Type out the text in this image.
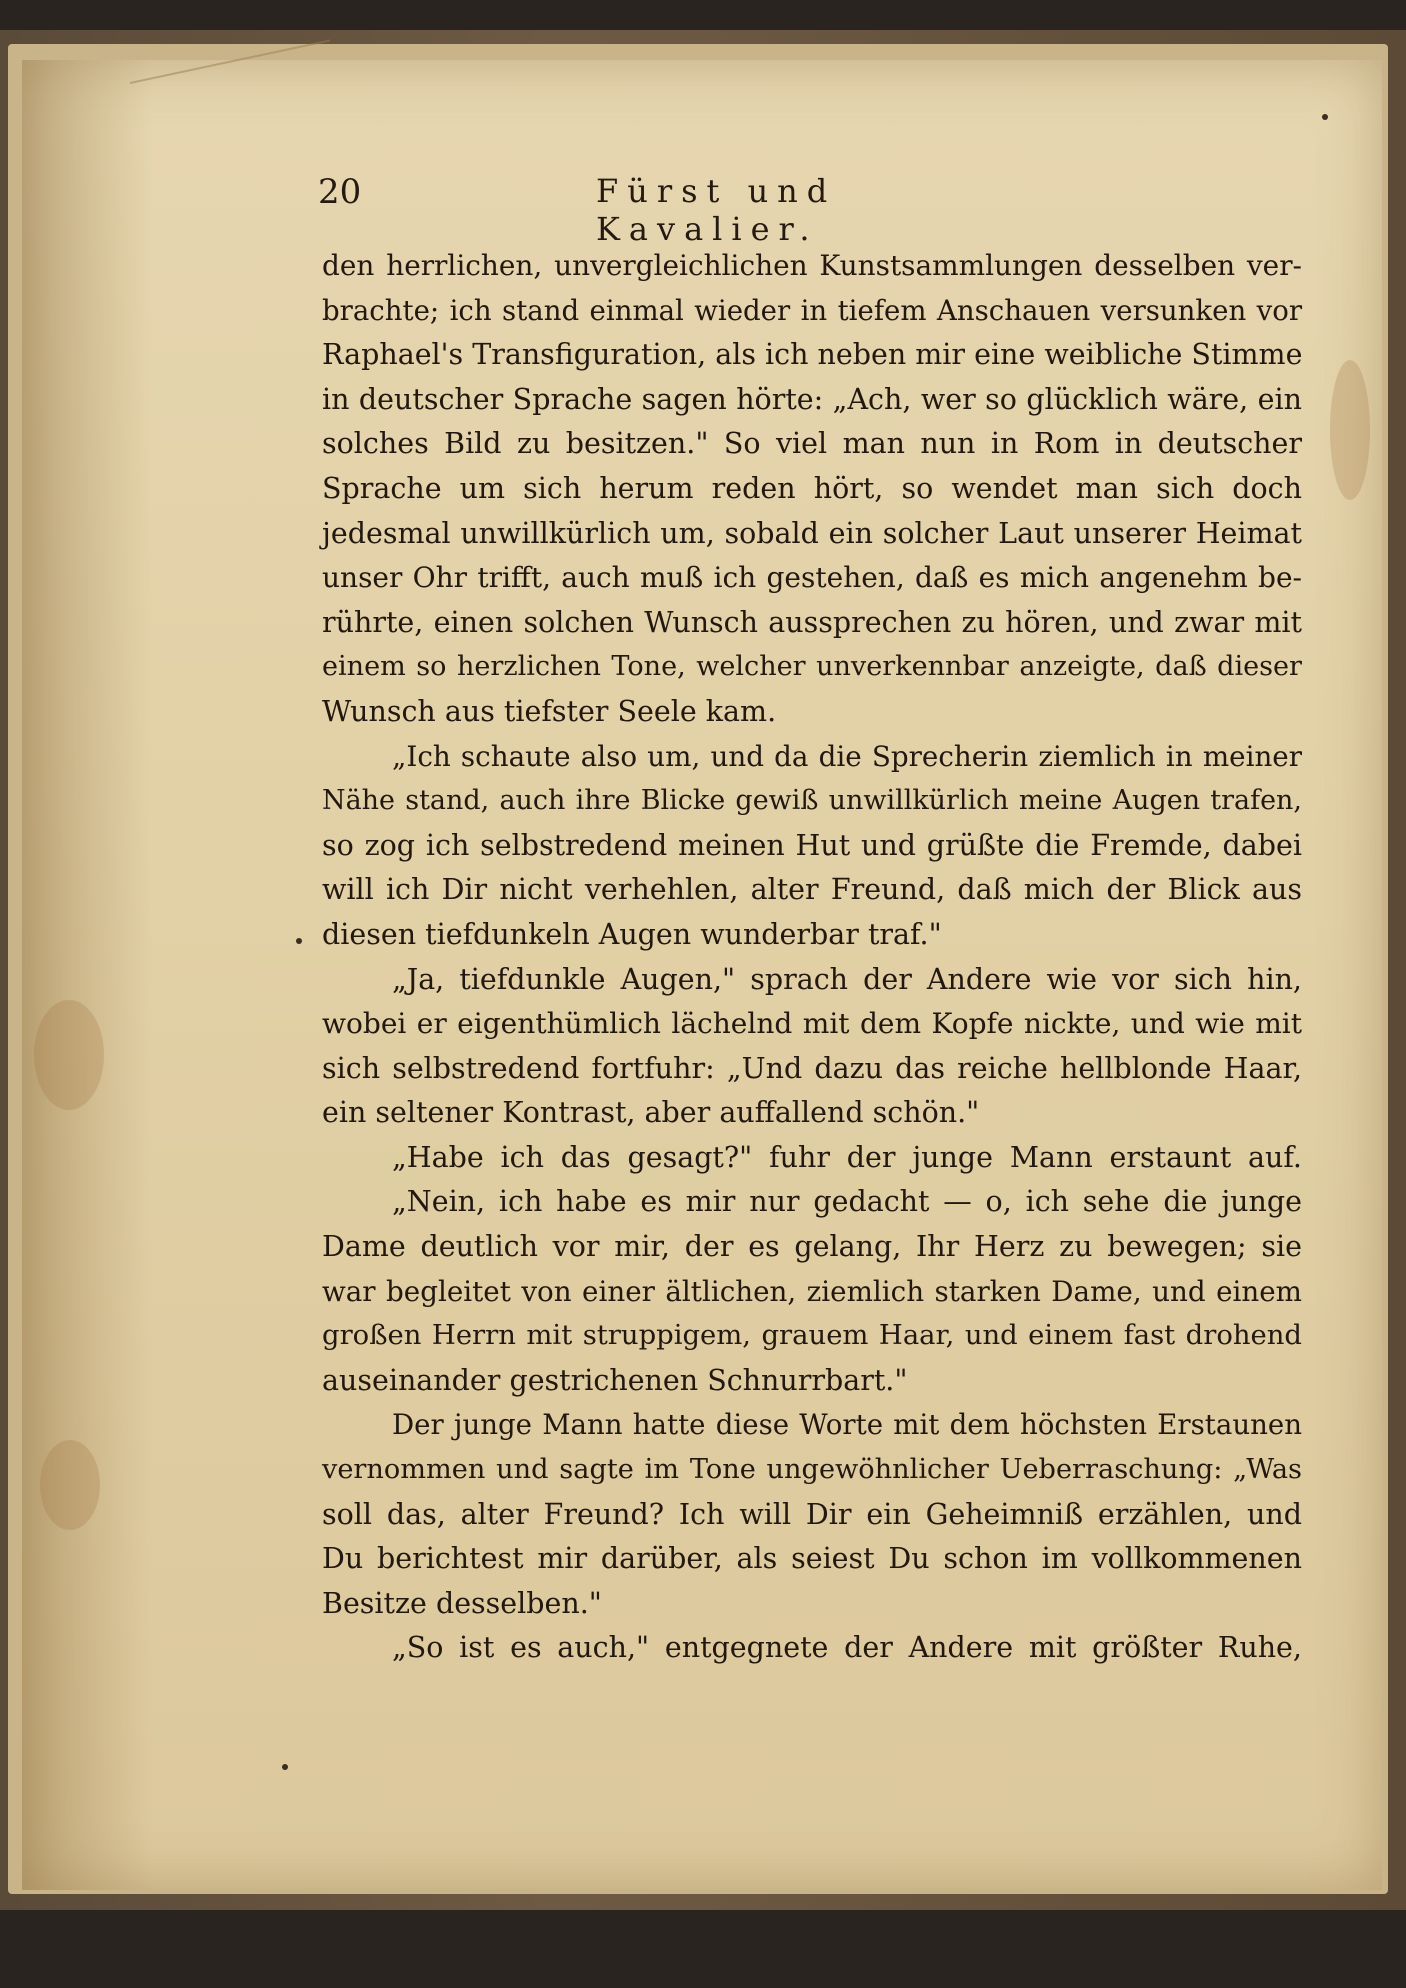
20	Fürst und Kavalier.
den herrlichen, unvergleichlichen Kunstsammlungen desselben ver-
brachte; ich stand einmal wieder in tiefem Anschauen versunken vor
Raphael's Transfiguration, als ich neben mir eine weibliche Stimme
in deutscher Sprache sagen hörte: „Ach, wer so glücklich wäre, ein
solches Bild zu besitzen." So viel man nun in Rom in deutscher
Sprache um sich herum reden hört, so wendet man sich doch
jedesmal unwillkürlich um, sobald ein solcher Laut unserer Heimat
unser Ohr trifft, auch muß ich gestehen, daß es mich angenehm be-
rührte, einen solchen Wunsch aussprechen zu hören, und zwar mit
einem so herzlichen Tone, welcher unverkennbar anzeigte, daß dieser
Wunsch aus tiefster Seele kam.
„Ich schaute also um, und da die Sprecherin ziemlich in meiner
Nähe stand, auch ihre Blicke gewiß unwillkürlich meine Augen trafen,
so zog ich selbstredend meinen Hut und grüßte die Fremde, dabei
will ich Dir nicht verhehlen, alter Freund, daß mich der Blick aus
diesen tiefdunkeln Augen wunderbar traf."
„Ja, tiefdunkle Augen," sprach der Andere wie vor sich hin,
wobei er eigenthümlich lächelnd mit dem Kopfe nickte, und wie mit
sich selbstredend fortfuhr: „Und dazu das reiche hellblonde Haar,
ein seltener Kontrast, aber auffallend schön."
„Habe ich das gesagt?" fuhr der junge Mann erstaunt auf.
„Nein, ich habe es mir nur gedacht — o, ich sehe die junge
Dame deutlich vor mir, der es gelang, Ihr Herz zu bewegen; sie
war begleitet von einer ältlichen, ziemlich starken Dame, und einem
großen Herrn mit struppigem, grauem Haar, und einem fast drohend
auseinander gestrichenen Schnurrbart."
Der junge Mann hatte diese Worte mit dem höchsten Erstaunen
vernommen und sagte im Tone ungewöhnlicher Ueberraschung: „Was
soll das, alter Freund? Ich will Dir ein Geheimniß erzählen, und
Du berichtest mir darüber, als seiest Du schon im vollkommenen
Besitze desselben."
„So ist es auch," entgegnete der Andere mit größter Ruhe,
